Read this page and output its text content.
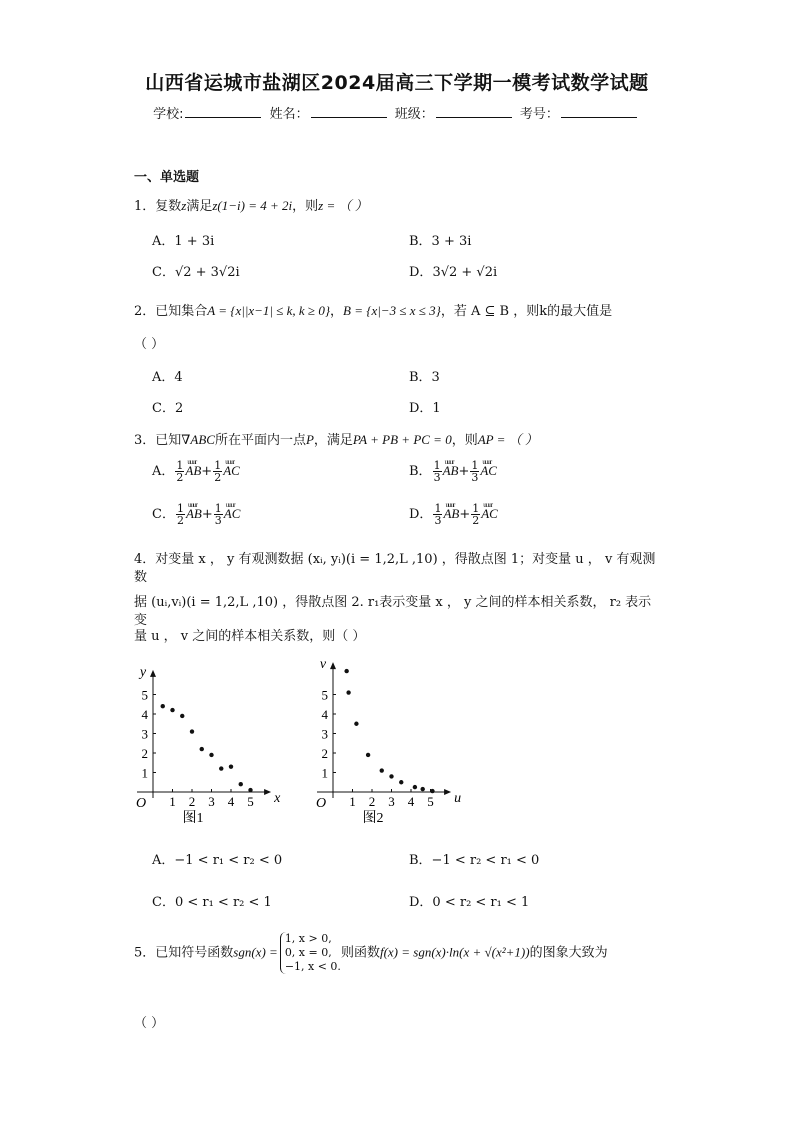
山西省运城市盐湖区2024届高三下学期一模考试数学试题
学校:	姓名：	班级：	考号：
一、单选题
1．复数z满足z(1−i) = 4 + 2i，则z = （ ）
A．1 + 3i	B．3 + 3i
C．√2 + 3√2i	D．3√2 + √2i
2．已知集合A = {x||x−1| ≤ k, k ≥ 0}，B = {x|−3 ≤ x ≤ 3}，若 A ⊆ B ，则k的最大值是
（ ）
A．4	B．3
C．2	D．1
3．已知∇ABC所在平面内一点P，满足PA + PB + PC = 0，则AP = （ ）
A． $\frac{1}{2}$ uuur $AB+ \frac{1}{2}$ uuur AC	B． $\frac{1}{3}$ uuur $AB+ \frac{1}{3}$ uuur AC
C． $\frac{1}{2}$ uuur $AB+ \frac{1}{3}$ uuur AC	D． $\frac{1}{3}$ uuur $AB+ \frac{1}{2}$ uuur AC
4．对变量 x ， y 有观测数据 (xᵢ, yᵢ)(i = 1,2,L ,10) ，得散点图 1；对变量 u ， v 有观测数
据 (uᵢ,vᵢ)(i = 1,2,L ,10) ，得散点图 2. r₁表示变量 x ， y 之间的样本相关系数， r₂ 表示变
量 u ， v 之间的样本相关系数，则（ ）
1 2 3 4 5
1
2
3
4
5
O	x
y
图1
1 2 3 4 5
1
2
3
4
5
O	u
v
图2
A．−1 < r₁ < r₂ < 0	B．−1 < r₂ < r₁ < 0
C．0 < r₁ < r₂ < 1	D．0 < r₂ < r₁ < 1
5．已知符号函数sgn(x) =
1, x > 0,
0, x = 0,
−1, x < 0.
则函数f(x) = sgn(x)·ln(x + √(x²+1))的图象大致为
（ ）
